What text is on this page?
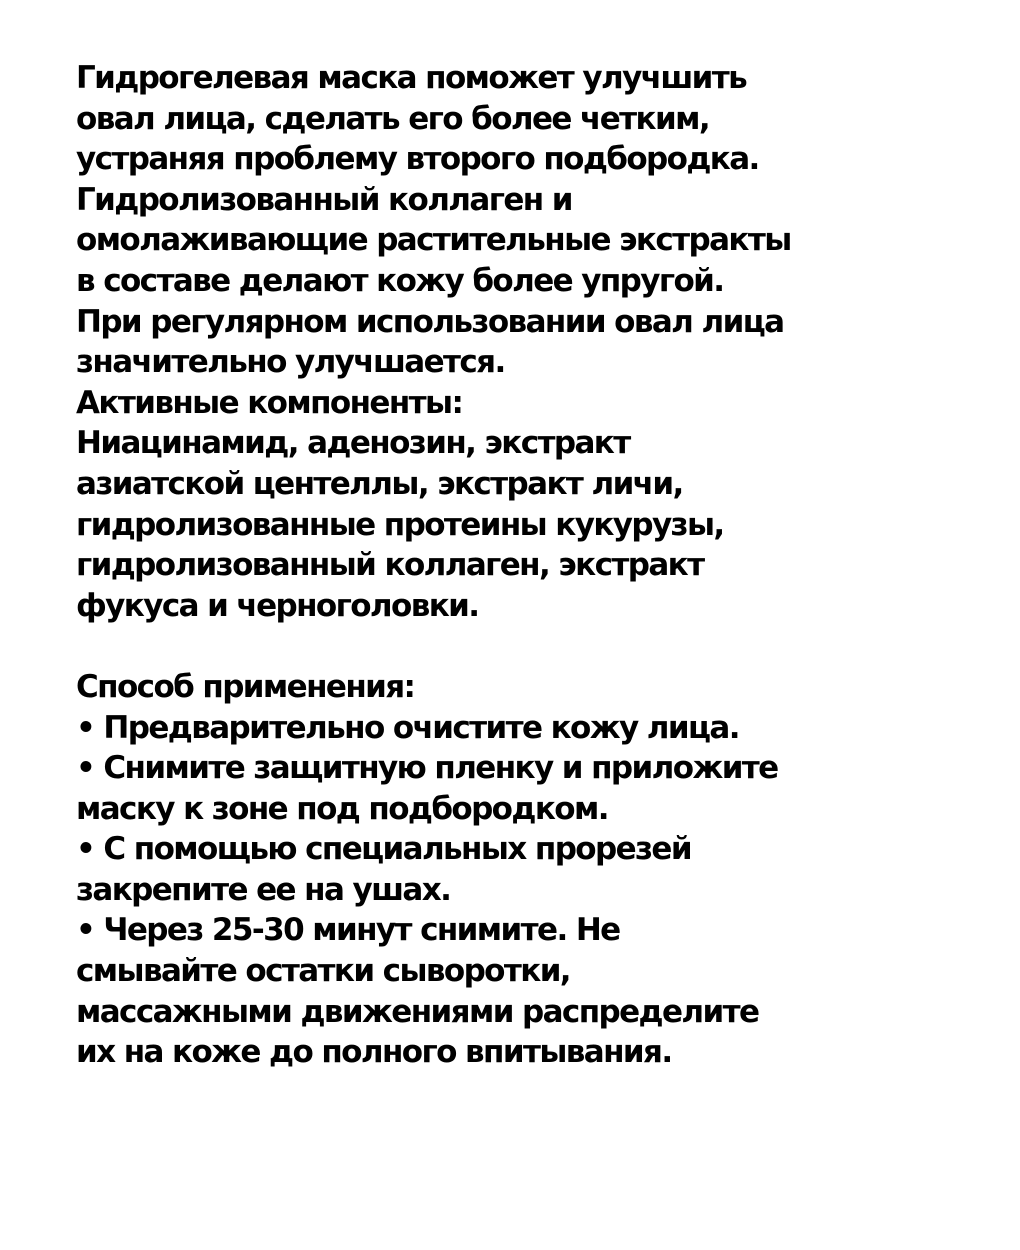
Гидрогелевая маска поможет улучшить
овал лица, сделать его более четким,
устраняя проблему второго подбородка.
Гидролизованный коллаген и
омолаживающие растительные экстракты
в составе делают кожу более упругой.
При регулярном использовании овал лица
значительно улучшается.
Активные компоненты:
Ниацинамид, аденозин, экстракт
азиатской центеллы, экстракт личи,
гидролизованные протеины кукурузы,
гидролизованный коллаген, экстракт
фукуса и черноголовки.
Способ применения:
• Предварительно очистите кожу лица.
• Снимите защитную пленку и приложите
маску к зоне под подбородком.
• С помощью специальных прорезей
закрепите ее на ушах.
• Через 25-30 минут снимите. Не
смывайте остатки сыворотки,
массажными движениями распределите
их на коже до полного впитывания.
